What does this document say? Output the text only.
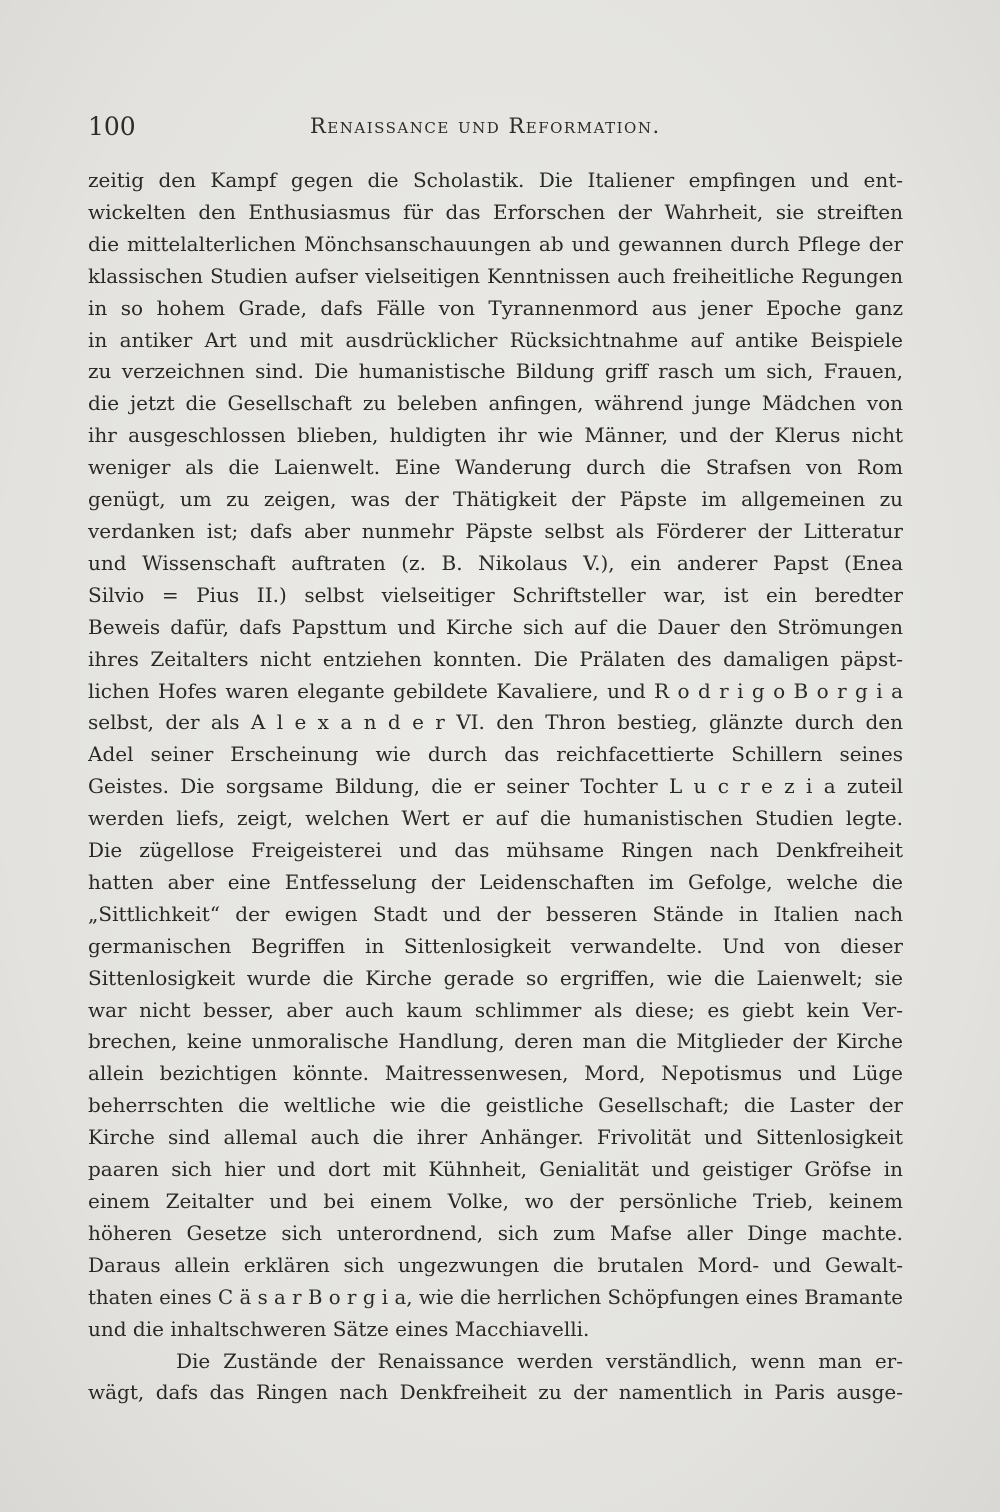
100	Renaissance und Reformation.
zeitig den Kampf gegen die Scholastik. Die Italiener empfingen und ent-
wickelten den Enthusiasmus für das Erforschen der Wahrheit, sie streiften
die mittelalterlichen Mönchsanschauungen ab und gewannen durch Pflege der
klassischen Studien aufser vielseitigen Kenntnissen auch freiheitliche Regungen
in so hohem Grade, dafs Fälle von Tyrannenmord aus jener Epoche ganz
in antiker Art und mit ausdrücklicher Rücksichtnahme auf antike Beispiele
zu verzeichnen sind. Die humanistische Bildung griff rasch um sich, Frauen,
die jetzt die Gesellschaft zu beleben anfingen, während junge Mädchen von
ihr ausgeschlossen blieben, huldigten ihr wie Männer, und der Klerus nicht
weniger als die Laienwelt. Eine Wanderung durch die Strafsen von Rom
genügt, um zu zeigen, was der Thätigkeit der Päpste im allgemeinen zu
verdanken ist; dafs aber nunmehr Päpste selbst als Förderer der Litteratur
und Wissenschaft auftraten (z. B. Nikolaus V.), ein anderer Papst (Enea
Silvio = Pius II.) selbst vielseitiger Schriftsteller war, ist ein beredter
Beweis dafür, dafs Papsttum und Kirche sich auf die Dauer den Strömungen
ihres Zeitalters nicht entziehen konnten. Die Prälaten des damaligen päpst-
lichen Hofes waren elegante gebildete Kavaliere, und R o d r i g o B o r g i a
selbst, der als A l e x a n d e r VI. den Thron bestieg, glänzte durch den
Adel seiner Erscheinung wie durch das reichfacettierte Schillern seines
Geistes. Die sorgsame Bildung, die er seiner Tochter L u c r e z i a zuteil
werden liefs, zeigt, welchen Wert er auf die humanistischen Studien legte.
Die zügellose Freigeisterei und das mühsame Ringen nach Denkfreiheit
hatten aber eine Entfesselung der Leidenschaften im Gefolge, welche die
„Sittlichkeit“ der ewigen Stadt und der besseren Stände in Italien nach
germanischen Begriffen in Sittenlosigkeit verwandelte. Und von dieser
Sittenlosigkeit wurde die Kirche gerade so ergriffen, wie die Laienwelt; sie
war nicht besser, aber auch kaum schlimmer als diese; es giebt kein Ver-
brechen, keine unmoralische Handlung, deren man die Mitglieder der Kirche
allein bezichtigen könnte. Maitressenwesen, Mord, Nepotismus und Lüge
beherrschten die weltliche wie die geistliche Gesellschaft; die Laster der
Kirche sind allemal auch die ihrer Anhänger. Frivolität und Sittenlosigkeit
paaren sich hier und dort mit Kühnheit, Genialität und geistiger Gröfse in
einem Zeitalter und bei einem Volke, wo der persönliche Trieb, keinem
höheren Gesetze sich unterordnend, sich zum Mafse aller Dinge machte.
Daraus allein erklären sich ungezwungen die brutalen Mord- und Gewalt-
thaten eines C ä s a r B o r g i a, wie die herrlichen Schöpfungen eines Bramante
und die inhaltschweren Sätze eines Macchiavelli.
Die Zustände der Renaissance werden verständlich, wenn man er-
wägt, dafs das Ringen nach Denkfreiheit zu der namentlich in Paris ausge-
